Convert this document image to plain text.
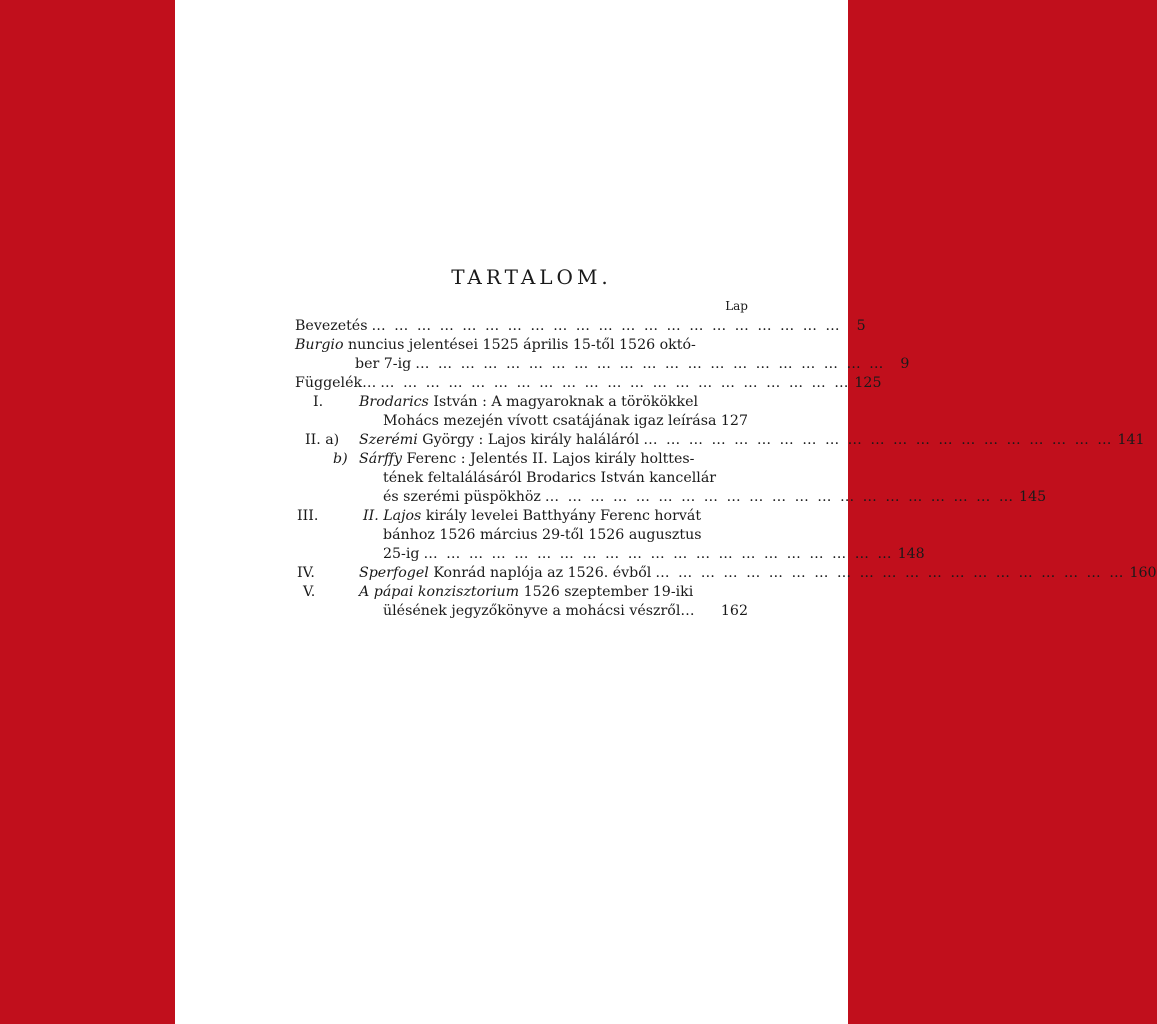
TARTALOM.
Lap
Bevezetés … … … … … … … … … … … … … … … … … … … … …	5
Burgio nuncius jelentései 1525 április 15-től 1526 októ-
ber 7-ig … … … … … … … … … … … … … … … … … … … … …	9
Függelék… … … … … … … … … … … … … … … … … … … … … … 125
I.	Brodarics István : A magyaroknak a törökökkel
Mohács mezején vívott csatájának igaz leírása 127
II. a) Szerémi György : Lajos király haláláról … … … … … … … … … … … … … … … … … … … … … 141
b) Sárffy Ferenc : Jelentés II. Lajos király holttes-
tének feltalálásáról Brodarics István kancellár
és szerémi püspökhöz … … … … … … … … … … … … … … … … … … … … … 145
III.	II. Lajos király levelei Batthyány Ferenc horvát
bánhoz 1526 március 29-től 1526 augusztus
25-ig … … … … … … … … … … … … … … … … … … … … … 148
IV.	Sperfogel Konrád naplója az 1526. évből … … … … … … … … … … … … … … … … … … … … … 160
V.	A pápai konzisztorium 1526 szeptember 19-iki
ülésének jegyzőkönyve a mohácsi vészről… 162
